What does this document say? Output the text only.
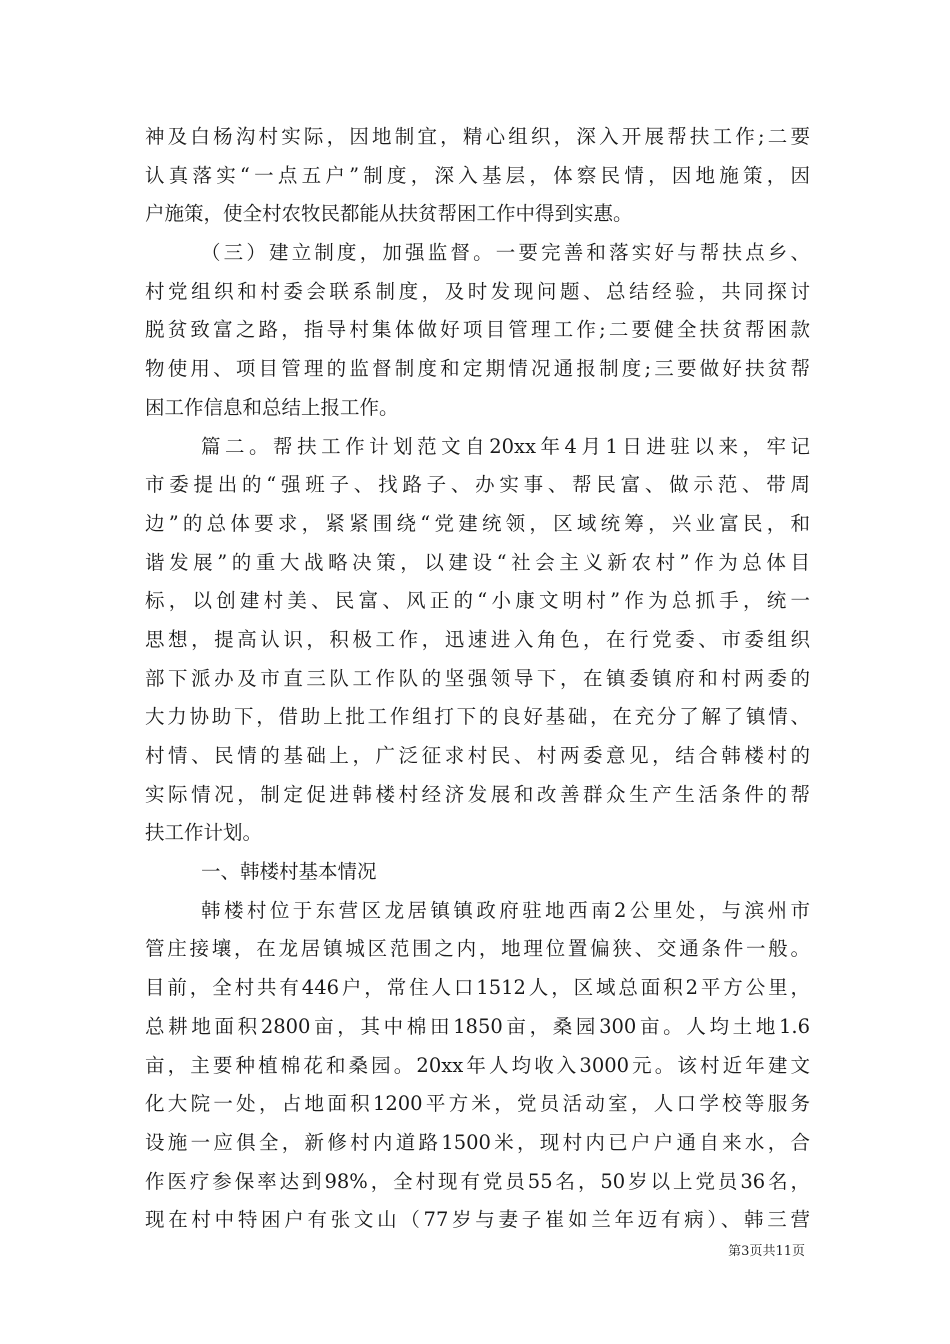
神及白杨沟村实际，因地制宜，精心组织，深入开展帮扶工作;二要
认真落实“一点五户”制度，深入基层，体察民情，因地施策，因
户施策，使全村农牧民都能从扶贫帮困工作中得到实惠。
（三）建立制度，加强监督。一要完善和落实好与帮扶点乡、
村党组织和村委会联系制度，及时发现问题、总结经验，共同探讨
脱贫致富之路，指导村集体做好项目管理工作;二要健全扶贫帮困款
物使用、项目管理的监督制度和定期情况通报制度;三要做好扶贫帮
困工作信息和总结上报工作。
篇二。帮扶工作计划范文自20xx年4月1日进驻以来，牢记
市委提出的“强班子、找路子、办实事、帮民富、做示范、带周
边”的总体要求，紧紧围绕“党建统领，区域统筹，兴业富民，和
谐发展”的重大战略决策，以建设“社会主义新农村”作为总体目
标，以创建村美、民富、风正的“小康文明村”作为总抓手，统一
思想，提高认识，积极工作，迅速进入角色，在行党委、市委组织
部下派办及市直三队工作队的坚强领导下，在镇委镇府和村两委的
大力协助下，借助上批工作组打下的良好基础，在充分了解了镇情、
村情、民情的基础上，广泛征求村民、村两委意见，结合韩楼村的
实际情况，制定促进韩楼村经济发展和改善群众生产生活条件的帮
扶工作计划。
一、韩楼村基本情况
韩楼村位于东营区龙居镇镇政府驻地西南2公里处，与滨州市
管庄接壤，在龙居镇城区范围之内，地理位置偏狭、交通条件一般。
目前，全村共有446户，常住人口1512人，区域总面积2平方公里，
总耕地面积2800亩，其中棉田1850亩，桑园300亩。人均土地1.6
亩，主要种植棉花和桑园。20xx年人均收入3000元。该村近年建文
化大院一处，占地面积1200平方米，党员活动室，人口学校等服务
设施一应俱全，新修村内道路1500米，现村内已户户通自来水，合
作医疗参保率达到98%，全村现有党员55名，50岁以上党员36名，
现在村中特困户有张文山（77岁与妻子崔如兰年迈有病）、韩三营
第3页共11页
